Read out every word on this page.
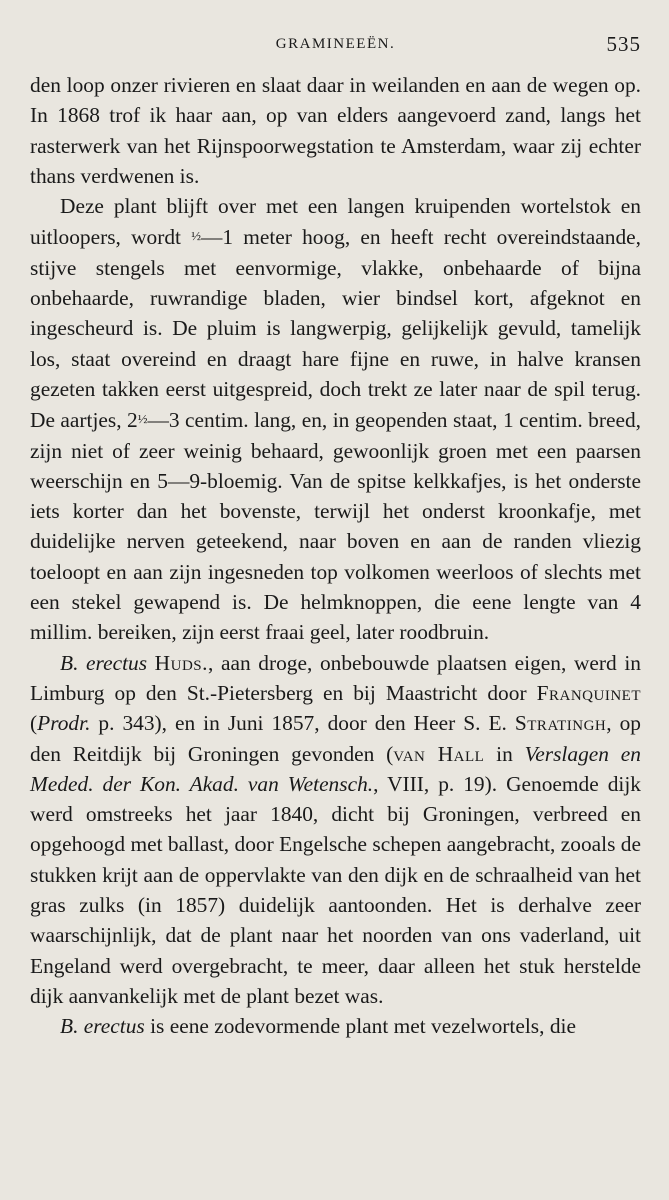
GRAMINEEËN.	535

den loop onzer rivieren en slaat daar in weilanden en aan de wegen op. In 1868 trof ik haar aan, op van elders aangevoerd zand, langs het rasterwerk van het Rijnspoorwegstation te Amsterdam, waar zij echter thans verdwenen is.

Deze plant blijft over met een langen kruipenden wortelstok en uitloopers, wordt ½—1 meter hoog, en heeft recht overeindstaande, stijve stengels met eenvormige, vlakke, onbehaarde of bijna onbehaarde, ruwrandige bladen, wier bindsel kort, afgeknot en ingescheurd is. De pluim is langwerpig, gelijkelijk gevuld, tamelijk los, staat overeind en draagt hare fijne en ruwe, in halve kransen gezeten takken eerst uitgespreid, doch trekt ze later naar de spil terug. De aartjes, 2½—3 centim. lang, en, in geopenden staat, 1 centim. breed, zijn niet of zeer weinig behaard, gewoonlijk groen met een paarsen weerschijn en 5—9-bloemig. Van de spitse kelkkafjes, is het onderste iets korter dan het bovenste, terwijl het onderst kroonkafje, met duidelijke nerven geteekend, naar boven en aan de randen vliezig toeloopt en aan zijn ingesneden top volkomen weerloos of slechts met een stekel gewapend is. De helmknoppen, die eene lengte van 4 millim. bereiken, zijn eerst fraai geel, later roodbruin.

B. erectus Huds., aan droge, onbebouwde plaatsen eigen, werd in Limburg op den St.-Pietersberg en bij Maastricht door Franquinet (Prodr. p. 343), en in Juni 1857, door den Heer S. E. Stratingh, op den Reitdijk bij Groningen gevonden (van Hall in Verslagen en Meded. der Kon. Akad. van Wetensch., VIII, p. 19). Genoemde dijk werd omstreeks het jaar 1840, dicht bij Groningen, verbreed en opgehoogd met ballast, door Engelsche schepen aangebracht, zooals de stukken krijt aan de oppervlakte van den dijk en de schraalheid van het gras zulks (in 1857) duidelijk aantoonden. Het is derhalve zeer waarschijnlijk, dat de plant naar het noorden van ons vaderland, uit Engeland werd overgebracht, te meer, daar alleen het stuk herstelde dijk aanvankelijk met de plant bezet was.

B. erectus is eene zodevormende plant met vezelwortels, die
